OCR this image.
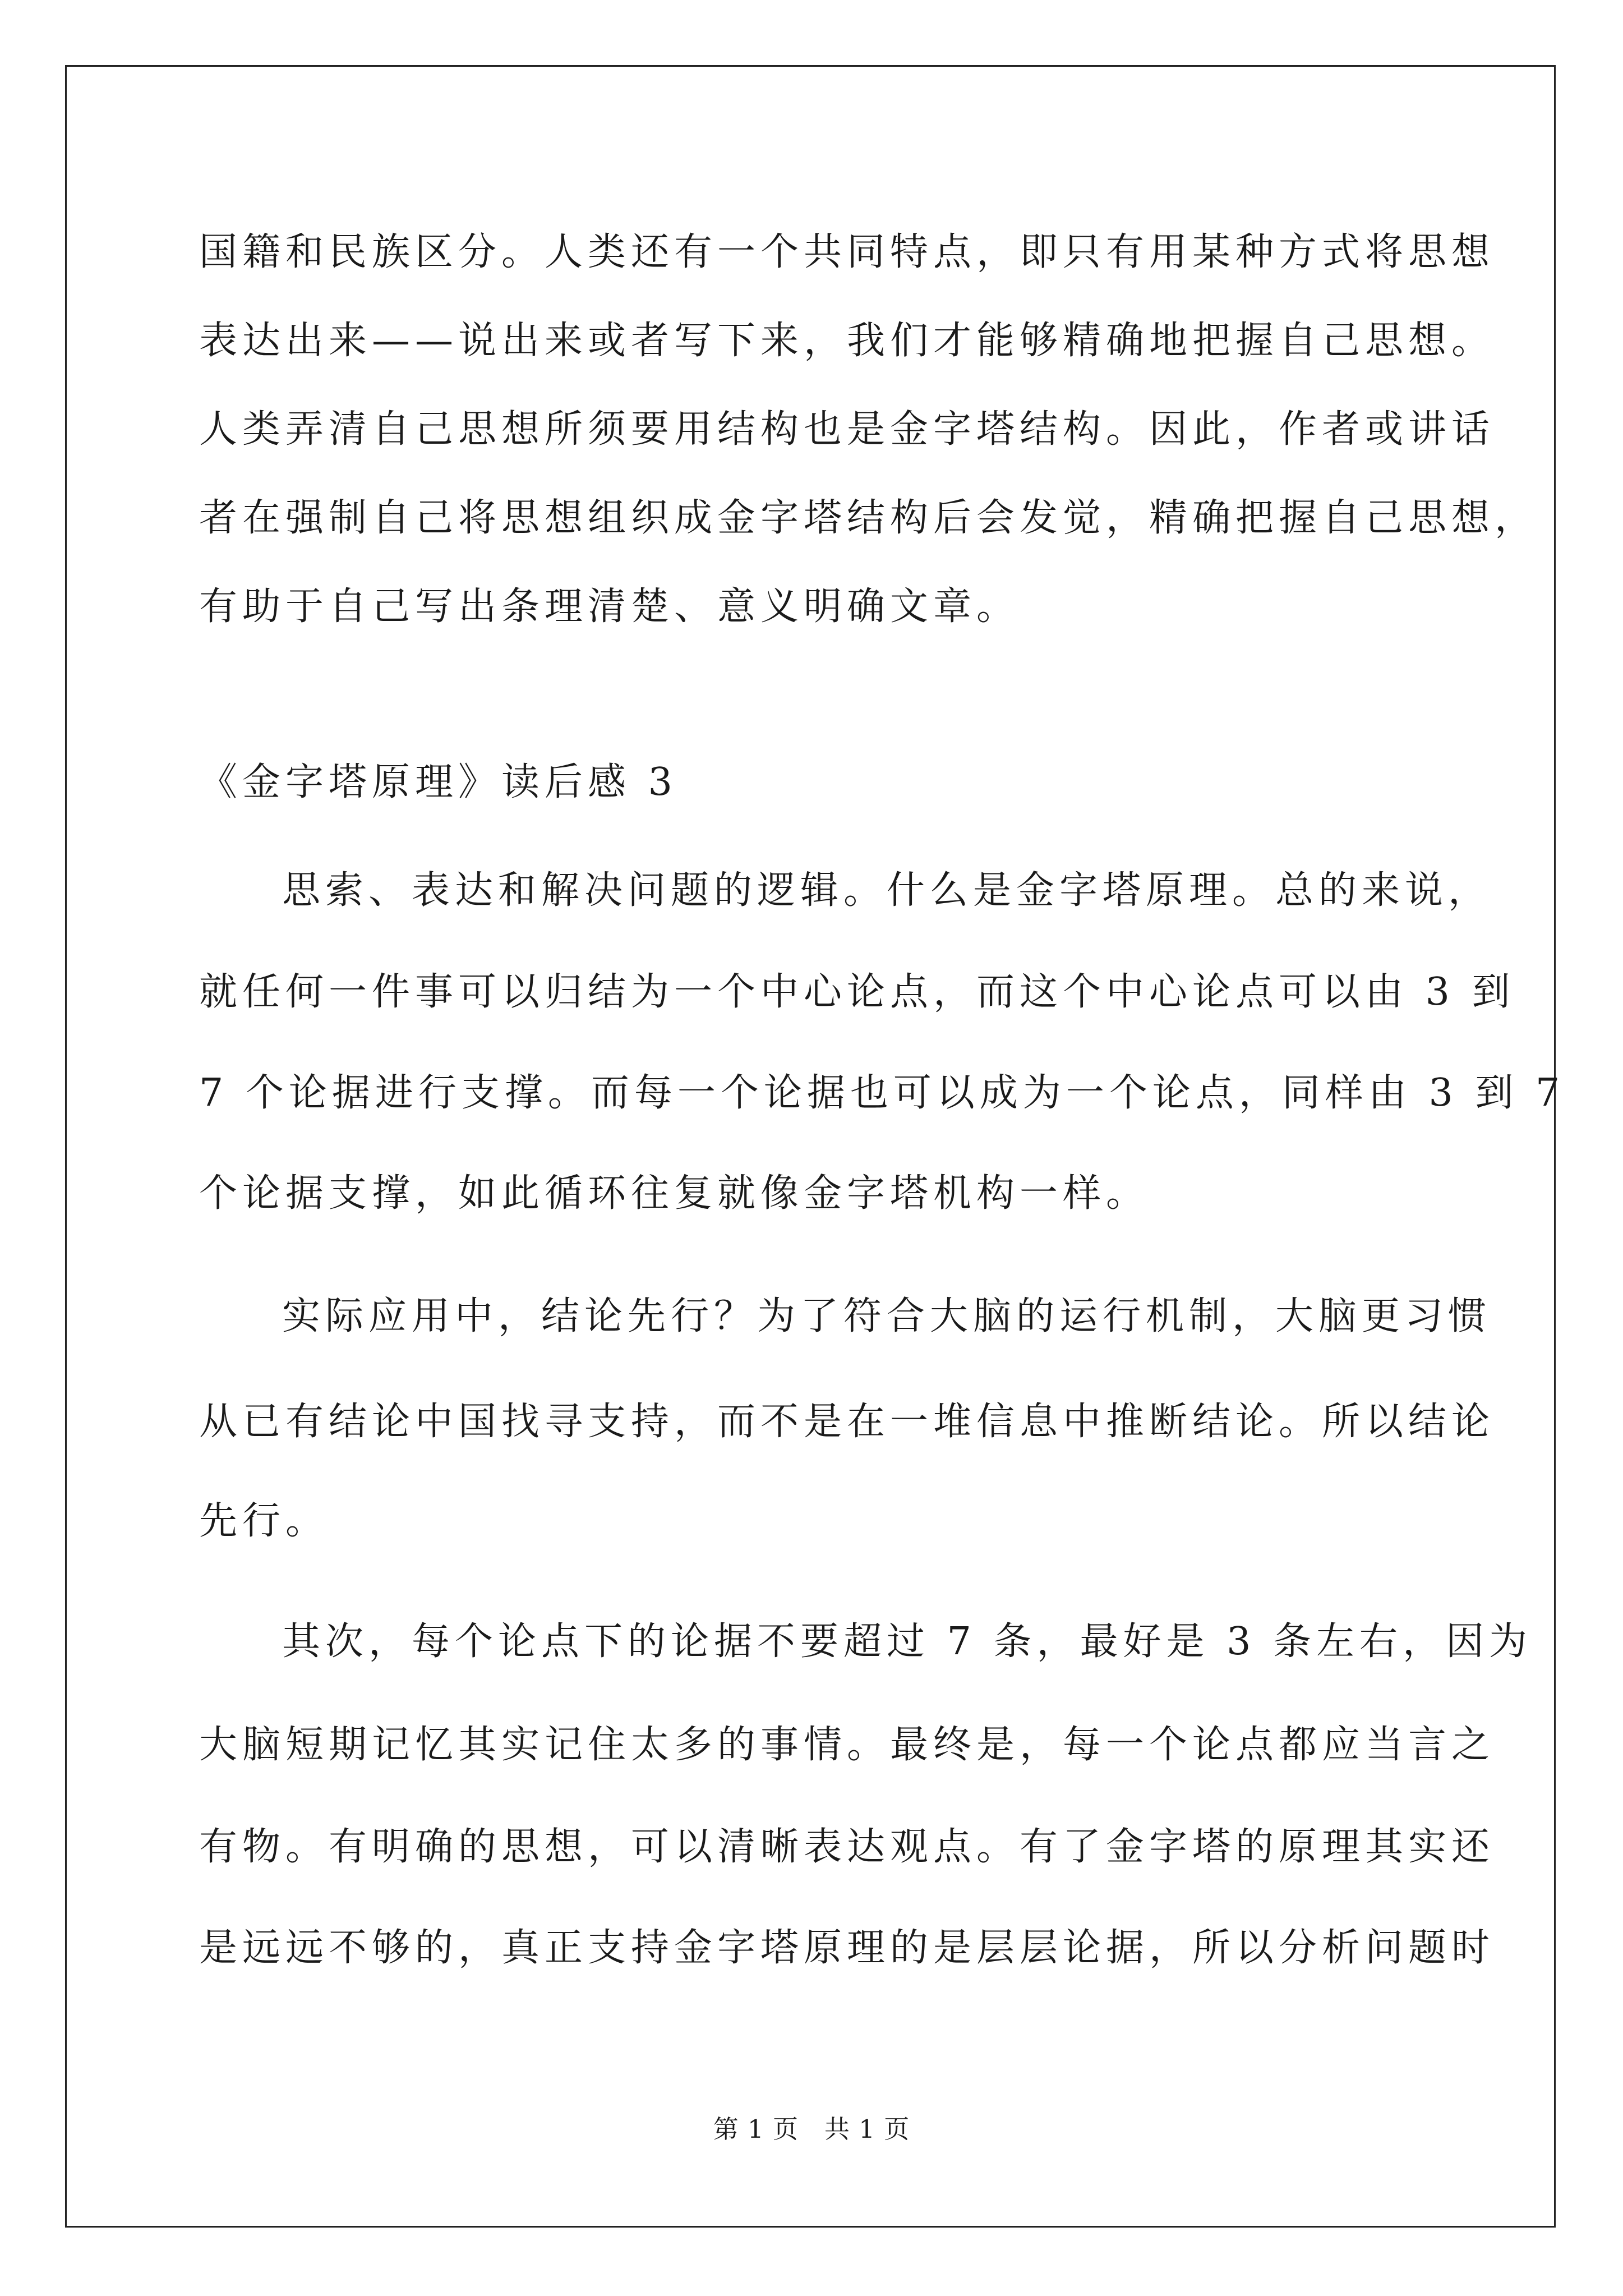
国籍和民族区分。人类还有一个共同特点，即只有用某种方式将思想
表达出来——说出来或者写下来，我们才能够精确地把握自己思想。
人类弄清自己思想所须要用结构也是金字塔结构。因此，作者或讲话
者在强制自己将思想组织成金字塔结构后会发觉，精确把握自己思想，
有助于自己写出条理清楚、意义明确文章。
《金字塔原理》读后感 3
思索、表达和解决问题的逻辑。什么是金字塔原理。总的来说，
就任何一件事可以归结为一个中心论点，而这个中心论点可以由 3 到
7 个论据进行支撑。而每一个论据也可以成为一个论点，同样由 3 到 7
个论据支撑，如此循环往复就像金字塔机构一样。
实际应用中，结论先行？为了符合大脑的运行机制，大脑更习惯
从已有结论中国找寻支持，而不是在一堆信息中推断结论。所以结论
先行。
其次，每个论点下的论据不要超过 7 条，最好是 3 条左右，因为
大脑短期记忆其实记住太多的事情。最终是，每一个论点都应当言之
有物。有明确的思想，可以清晰表达观点。有了金字塔的原理其实还
是远远不够的，真正支持金字塔原理的是层层论据，所以分析问题时
第 1 页　共 1 页
